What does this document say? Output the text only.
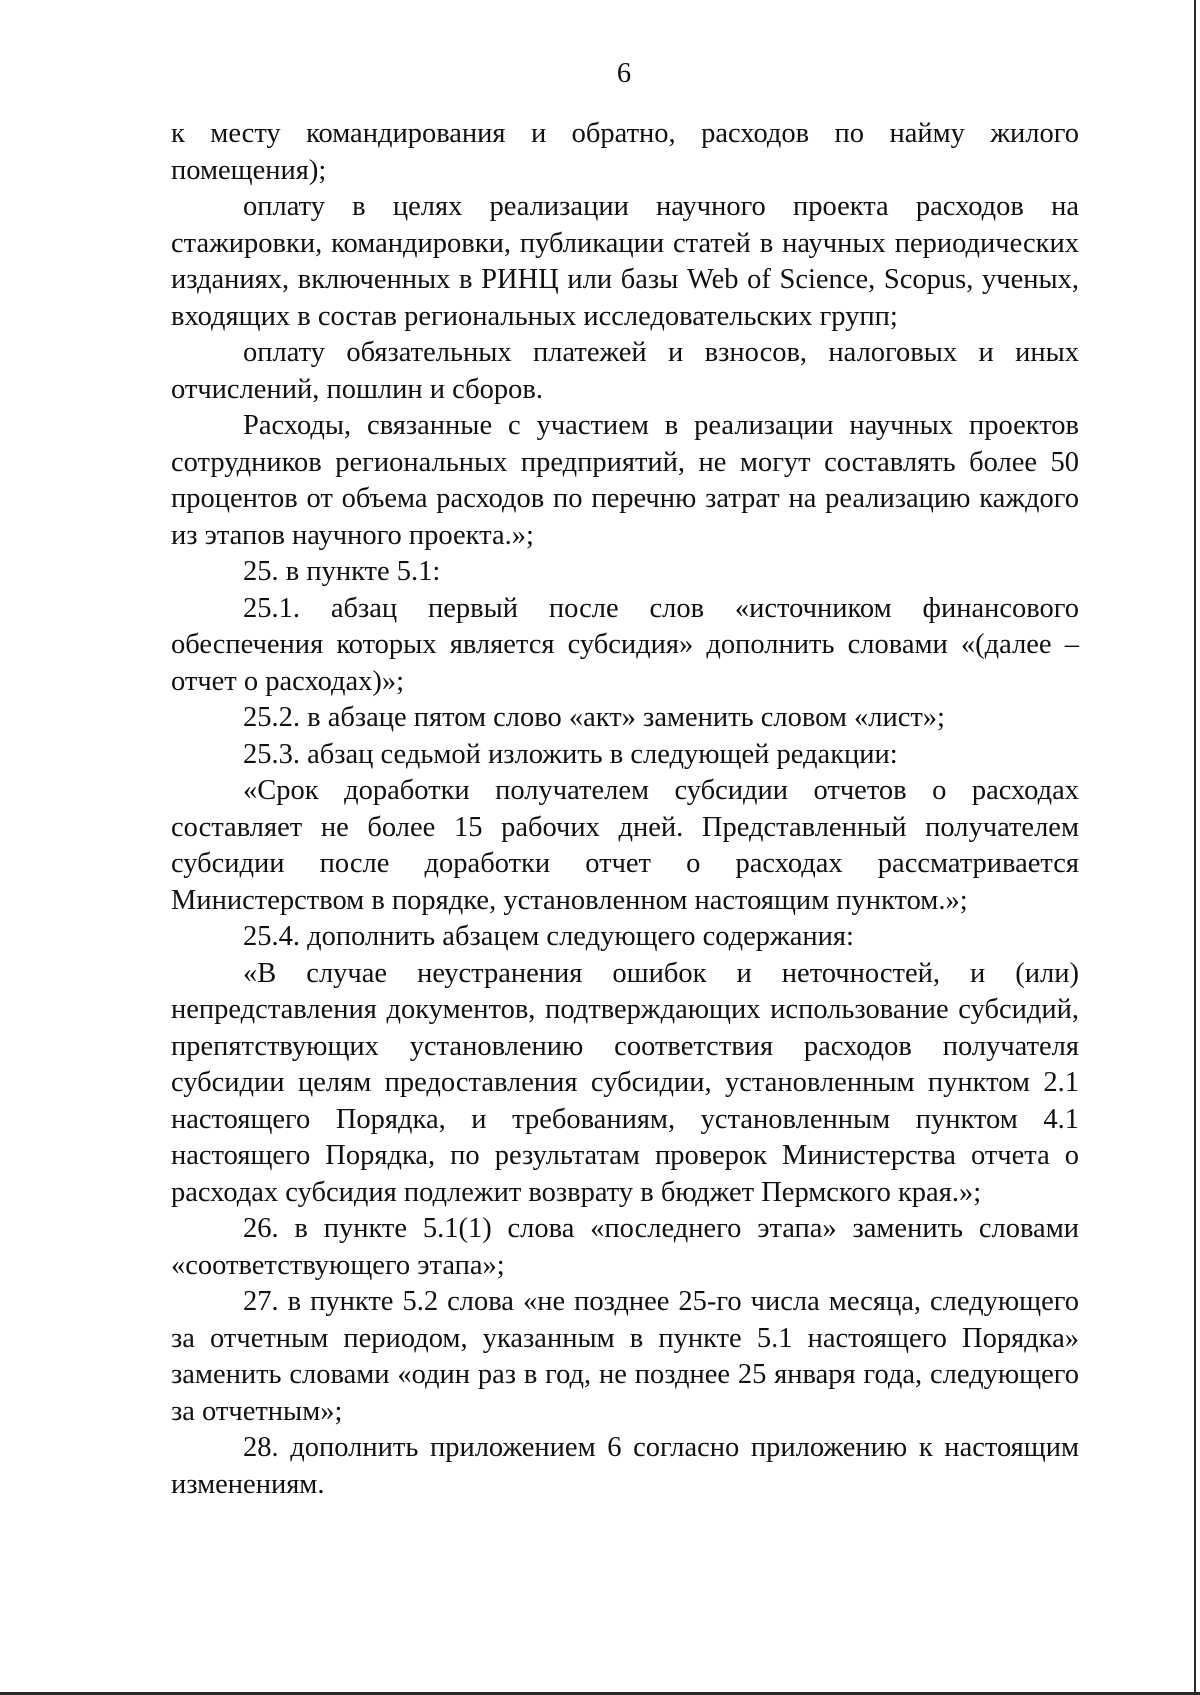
6

к месту командирования и обратно, расходов по найму жилого помещения);

оплату в целях реализации научного проекта расходов на стажировки, командировки, публикации статей в научных периодических изданиях, включенных в РИНЦ или базы Web of Science, Scopus, ученых, входящих в состав региональных исследовательских групп;

оплату обязательных платежей и взносов, налоговых и иных отчислений, пошлин и сборов.

Расходы, связанные с участием в реализации научных проектов сотрудников региональных предприятий, не могут составлять более 50 процентов от объема расходов по перечню затрат на реализацию каждого из этапов научного проекта.»;

25. в пункте 5.1:

25.1. абзац первый после слов «источником финансового обеспечения которых является субсидия» дополнить словами «(далее – отчет о расходах)»;

25.2. в абзаце пятом слово «акт» заменить словом «лист»;

25.3. абзац седьмой изложить в следующей редакции:

«Срок доработки получателем субсидии отчетов о расходах составляет не более 15 рабочих дней. Представленный получателем субсидии после доработки отчет о расходах рассматривается Министерством в порядке, установленном настоящим пунктом.»;

25.4. дополнить абзацем следующего содержания:

«В случае неустранения ошибок и неточностей, и (или) непредставления документов, подтверждающих использование субсидий, препятствующих установлению соответствия расходов получателя субсидии целям предоставления субсидии, установленным пунктом 2.1 настоящего Порядка, и требованиям, установленным пунктом 4.1 настоящего Порядка, по результатам проверок Министерства отчета о расходах субсидия подлежит возврату в бюджет Пермского края.»;

26. в пункте 5.1(1) слова «последнего этапа» заменить словами «соответствующего этапа»;

27. в пункте 5.2 слова «не позднее 25-го числа месяца, следующего за отчетным периодом, указанным в пункте 5.1 настоящего Порядка» заменить словами «один раз в год, не позднее 25 января года, следующего за отчетным»;

28. дополнить приложением 6 согласно приложению к настоящим изменениям.
